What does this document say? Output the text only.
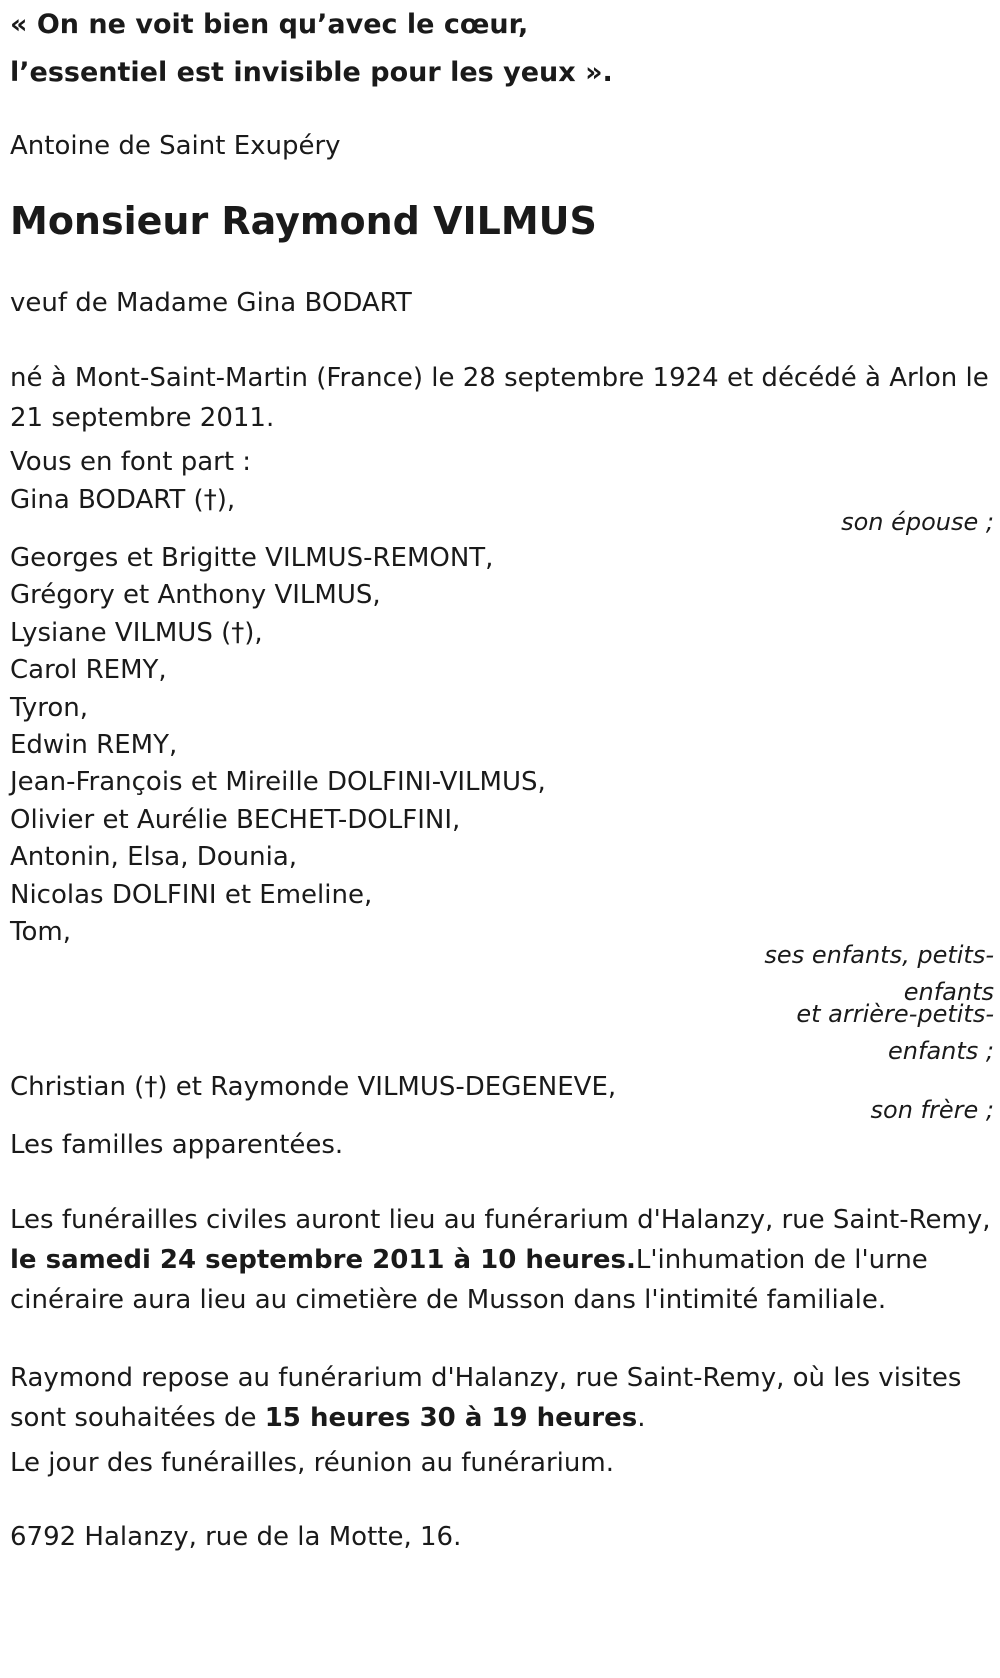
« On ne voit bien qu’avec le cœur,
l’essentiel est invisible pour les yeux ».
Antoine de Saint Exupéry
Monsieur Raymond VILMUS
veuf de Madame Gina BODART
né à Mont-Saint-Martin (France) le 28 septembre 1924 et décédé à Arlon le 21 septembre 2011.
Vous en font part :
Gina BODART (†),
son épouse ;
Georges et Brigitte VILMUS-REMONT,
Grégory et Anthony VILMUS,
Lysiane VILMUS (†),
Carol REMY,
Tyron,
Edwin REMY,
Jean-François et Mireille DOLFINI-VILMUS,
Olivier et Aurélie BECHET-DOLFINI,
Antonin, Elsa, Dounia,
Nicolas DOLFINI et Emeline,
Tom,
ses enfants, petits-
enfants
et arrière-petits-
enfants ;
Christian (†) et Raymonde VILMUS-DEGENEVE,
son frère ;
Les familles apparentées.
Les funérailles civiles auront lieu au funérarium d'Halanzy, rue Saint-Remy, le samedi 24 septembre 2011 à 10 heures.L'inhumation de l'urne cinéraire aura lieu au cimetière de Musson dans l'intimité familiale.
Raymond repose au funérarium d'Halanzy, rue Saint-Remy, où les visites sont souhaitées de 15 heures 30 à 19 heures.
Le jour des funérailles, réunion au funérarium.
6792 Halanzy, rue de la Motte, 16.
